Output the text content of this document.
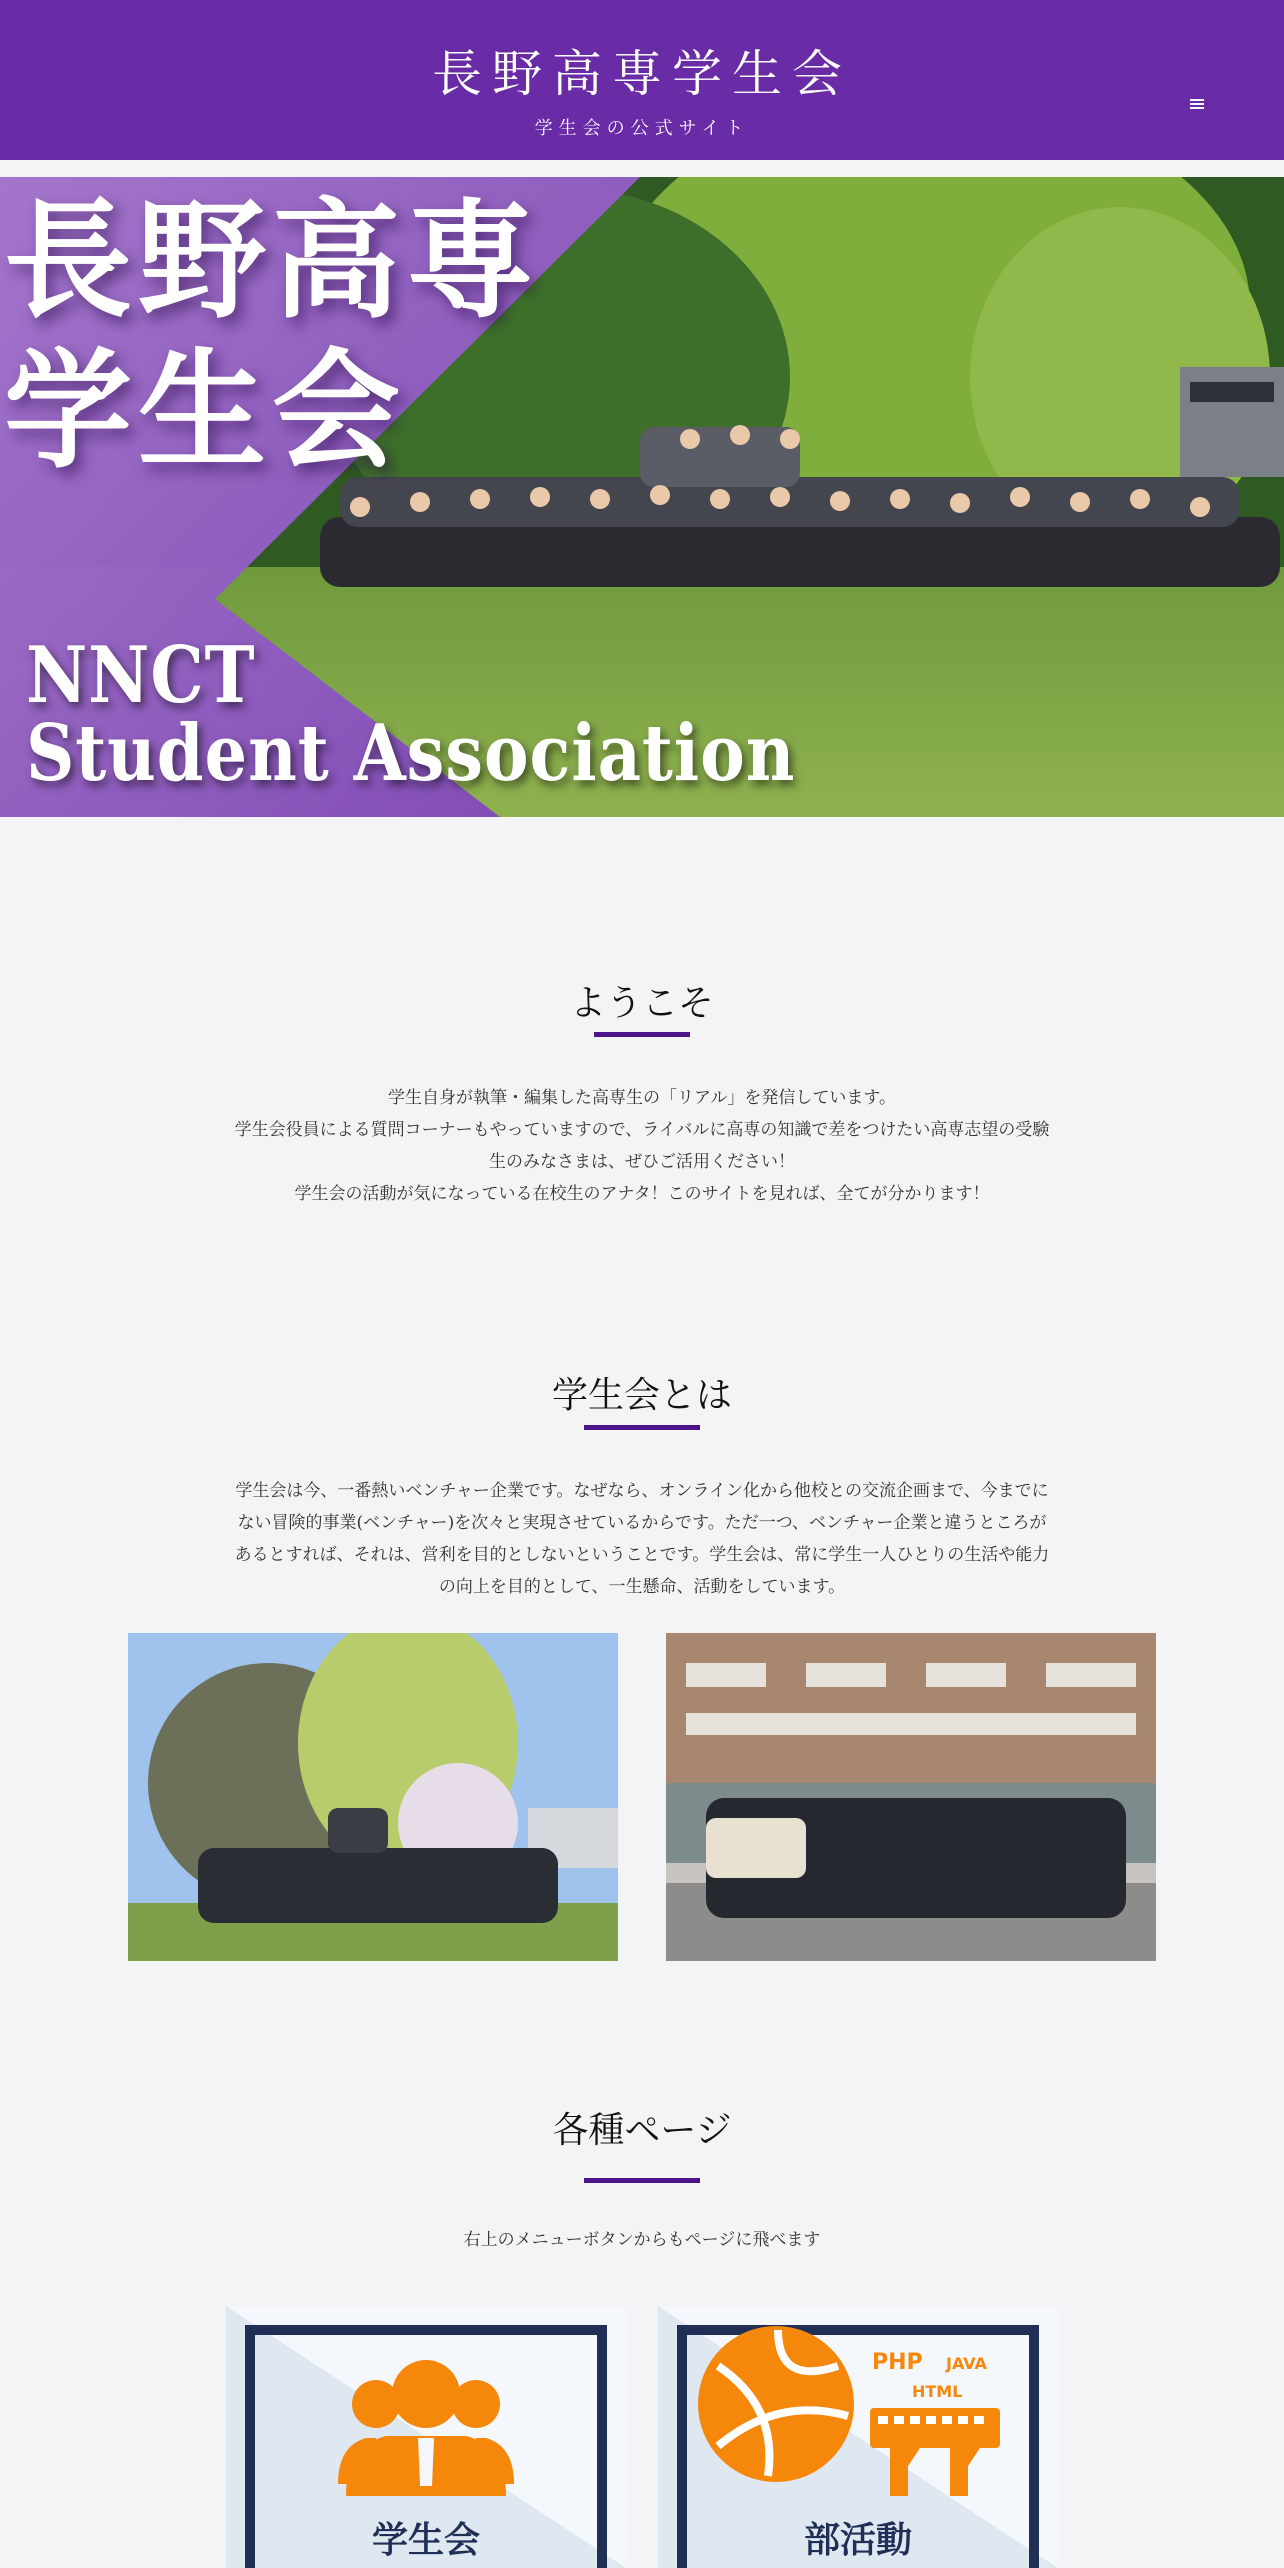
長野高専学生会
学生会の公式サイト
長野高専
学生会
NNCT
Student Association
ようこそ
学生自身が執筆・編集した高専生の「リアル」を発信しています。
学生会役員による質問コーナーもやっていますので、ライバルに高専の知識で差をつけたい高専志望の受験
生のみなさまは、ぜひご活用ください！
学生会の活動が気になっている在校生のアナタ！このサイトを見れば、全てが分かります！
学生会とは
学生会は今、一番熱いベンチャー企業です。なぜなら、オンライン化から他校との交流企画まで、今までに
ない冒険的事業(ベンチャー)を次々と実現させているからです。ただ一つ、ベンチャー企業と違うところが
あるとすれば、それは、営利を目的としないということです。学生会は、常に学生一人ひとりの生活や能力
の向上を目的として、一生懸命、活動をしています。
各種ページ
右上のメニューボタンからもページに飛べます
学生会
PHP JAVA
HTML
部活動
